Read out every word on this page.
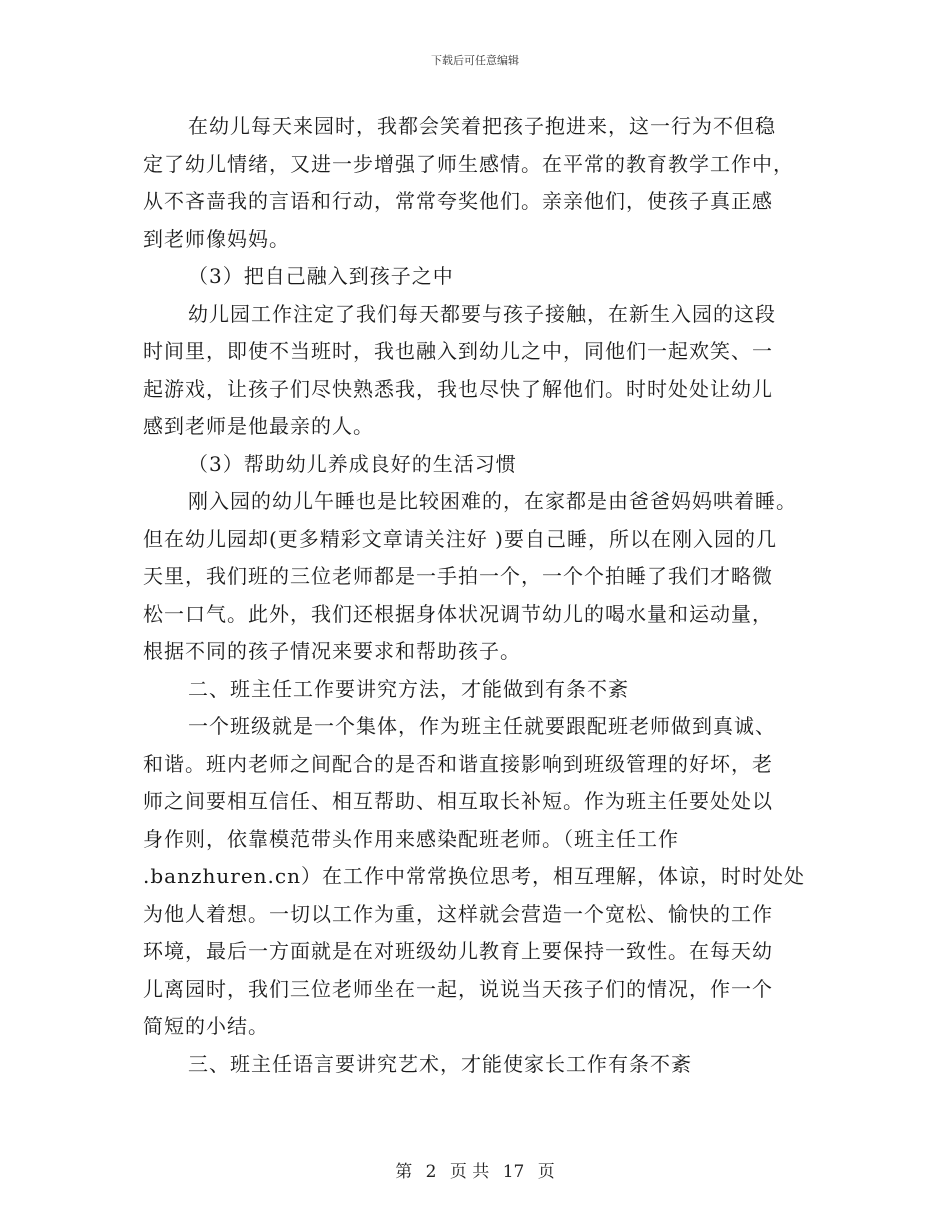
下载后可任意编辑
在幼儿每天来园时，我都会笑着把孩子抱进来，这一行为不但稳
定了幼儿情绪，又进一步增强了师生感情。在平常的教育教学工作中，
从不吝啬我的言语和行动，常常夸奖他们。亲亲他们，使孩子真正感
到老师像妈妈。
（3）把自己融入到孩子之中
幼儿园工作注定了我们每天都要与孩子接触，在新生入园的这段
时间里，即使不当班时，我也融入到幼儿之中，同他们一起欢笑、一
起游戏，让孩子们尽快熟悉我，我也尽快了解他们。时时处处让幼儿
感到老师是他最亲的人。
（3）帮助幼儿养成良好的生活习惯
刚入园的幼儿午睡也是比较困难的，在家都是由爸爸妈妈哄着睡。
但在幼儿园却(更多精彩文章请关注好 )要自己睡，所以在刚入园的几
天里，我们班的三位老师都是一手拍一个，一个个拍睡了我们才略微
松一口气。此外，我们还根据身体状况调节幼儿的喝水量和运动量，
根据不同的孩子情况来要求和帮助孩子。
二、班主任工作要讲究方法，才能做到有条不紊
一个班级就是一个集体，作为班主任就要跟配班老师做到真诚、
和谐。班内老师之间配合的是否和谐直接影响到班级管理的好坏，老
师之间要相互信任、相互帮助、相互取长补短。作为班主任要处处以
身作则，依靠模范带头作用来感染配班老师。（班主任工作
.banzhuren.cn）在工作中常常换位思考，相互理解，体谅，时时处处
为他人着想。一切以工作为重，这样就会营造一个宽松、愉快的工作
环境，最后一方面就是在对班级幼儿教育上要保持一致性。在每天幼
儿离园时，我们三位老师坐在一起，说说当天孩子们的情况，作一个
简短的小结。
三、班主任语言要讲究艺术，才能使家长工作有条不紊
第 2 页 共 17 页
